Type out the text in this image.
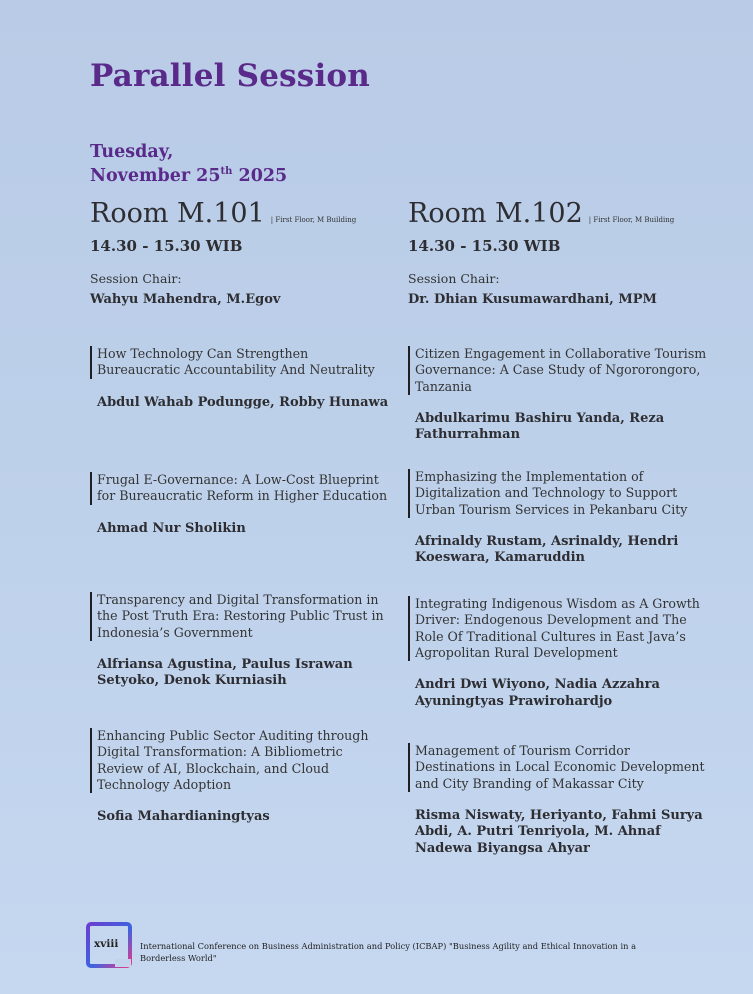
Parallel Session
Tuesday,
November 25th 2025
Room M.101 | First Floor, M Building
14.30 - 15.30 WIB
Session Chair:
Wahyu Mahendra, M.Egov
How Technology Can Strengthen Bureaucratic Accountability And Neutrality
Abdul Wahab Podungge, Robby Hunawa
Frugal E-Governance: A Low-Cost Blueprint for Bureaucratic Reform in Higher Education
Ahmad Nur Sholikin
Transparency and Digital Transformation in the Post Truth Era: Restoring Public Trust in Indonesia’s Government
Alfriansa Agustina, Paulus Israwan Setyoko, Denok Kurniasih
Enhancing Public Sector Auditing through Digital Transformation: A Bibliometric Review of AI, Blockchain, and Cloud Technology Adoption
Sofia Mahardianingtyas
Room M.102 | First Floor, M Building
14.30 - 15.30 WIB
Session Chair:
Dr. Dhian Kusumawardhani, MPM
Citizen Engagement in Collaborative Tourism Governance: A Case Study of Ngororongoro, Tanzania
Abdulkarimu Bashiru Yanda, Reza Fathurrahman
Emphasizing the Implementation of Digitalization and Technology to Support Urban Tourism Services in Pekanbaru City
Afrinaldy Rustam, Asrinaldy, Hendri Koeswara, Kamaruddin
Integrating Indigenous Wisdom as A Growth Driver: Endogenous Development and The Role Of Traditional Cultures in East Java’s Agropolitan Rural Development
Andri Dwi Wiyono, Nadia Azzahra Ayuningtyas Prawirohardjo
Management of Tourism Corridor Destinations in Local Economic Development and City Branding of Makassar City
Risma Niswaty, Heriyanto, Fahmi Surya Abdi, A. Putri Tenriyola, M. Ahnaf Nadewa Biyangsa Ahyar
xviii	International Conference on Business Administration and Policy (ICBAP) "Business Agility and Ethical Innovation in a Borderless World"
